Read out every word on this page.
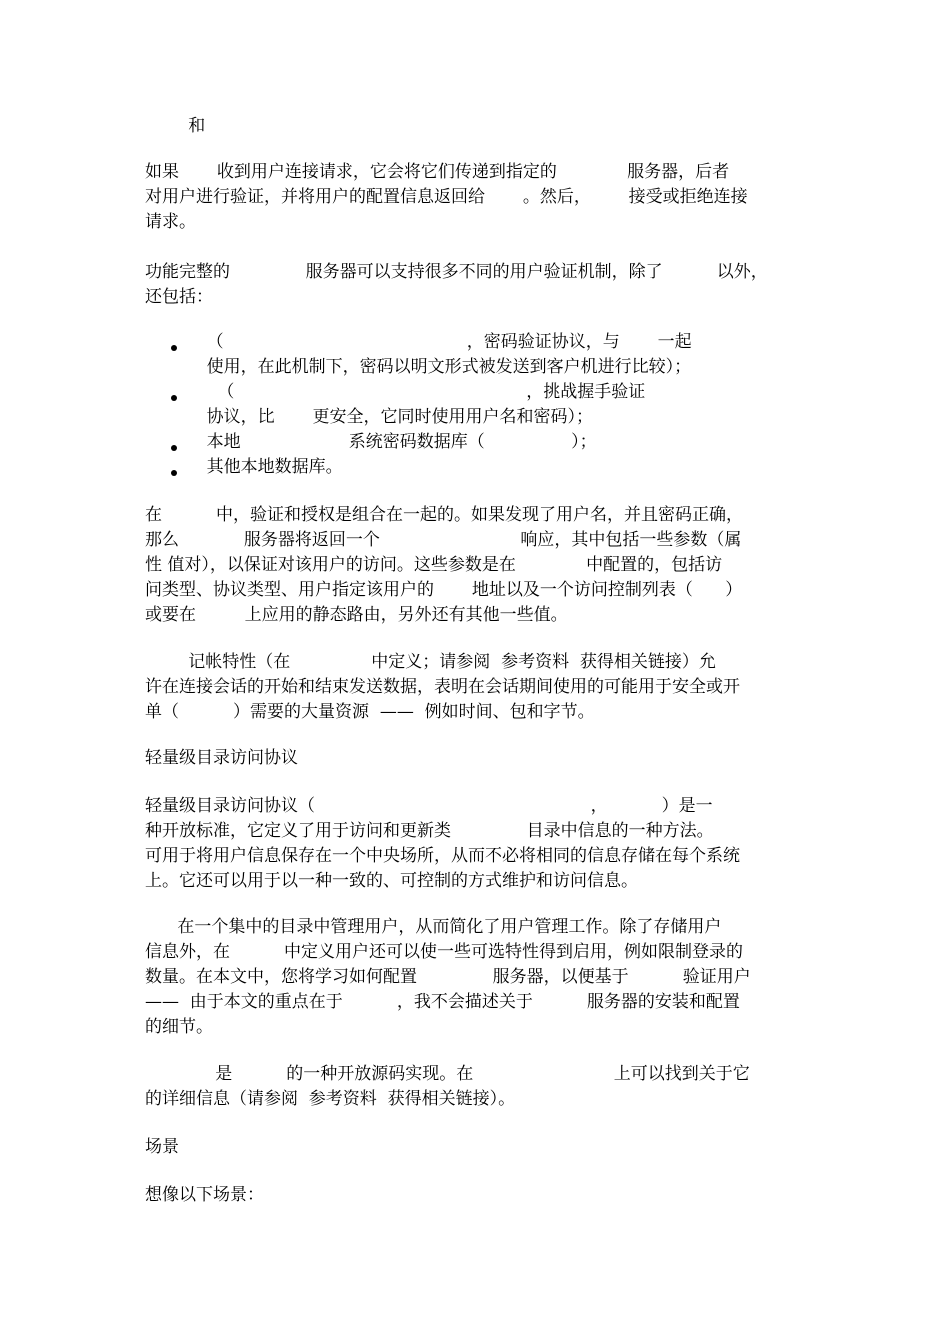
和

如果       收到用户连接请求，它会将它们传递到指定的             服务器，后者

对用户进行验证，并将用户的配置信息返回给       。然后，       接受或拒绝连接

请求。

功能完整的              服务器可以支持很多不同的用户验证机制，除了          以外，

还包括：

（                                             ，密码验证协议，与       一起

使用，在此机制下，密码以明文形式被发送到客户机进行比较）；

（                                                      ，挑战握手验证

协议，比       更安全，它同时使用用户名和密码）；

本地                    系统密码数据库（                ）；

其他本地数据库。

在          中，验证和授权是组合在一起的。如果发现了用户名，并且密码正确，

那么            服务器将返回一个                          响应，其中包括一些参数（属

性 值对），以保证对该用户的访问。这些参数是在             中配置的，包括访

问类型、协议类型、用户指定该用户的       地址以及一个访问控制列表（      ）

或要在         上应用的静态路由，另外还有其他一些值。

记帐特性（在               中定义；请参阅  参考资料  获得相关链接）允

许在连接会话的开始和结束发送数据，表明在会话期间使用的可能用于安全或开

单（          ）需要的大量资源  ——  例如时间、包和字节。

轻量级目录访问协议

轻量级目录访问协议（                                                   ，          ）是一

种开放标准，它定义了用于访问和更新类              目录中信息的一种方法。

可用于将用户信息保存在一个中央场所，从而不必将相同的信息存储在每个系统

上。它还可以用于以一种一致的、可控制的方式维护和访问信息。

在一个集中的目录中管理用户，从而简化了用户管理工作。除了存储用户

信息外，在          中定义用户还可以使一些可选特性得到启用，例如限制登录的

数量。在本文中，您将学习如何配置              服务器，以便基于          验证用户

——  由于本文的重点在于          ，我不会描述关于          服务器的安装和配置

的细节。

是          的一种开放源码实现。在                          上可以找到关于它

的详细信息（请参阅  参考资料  获得相关链接）。

场景

想像以下场景：
